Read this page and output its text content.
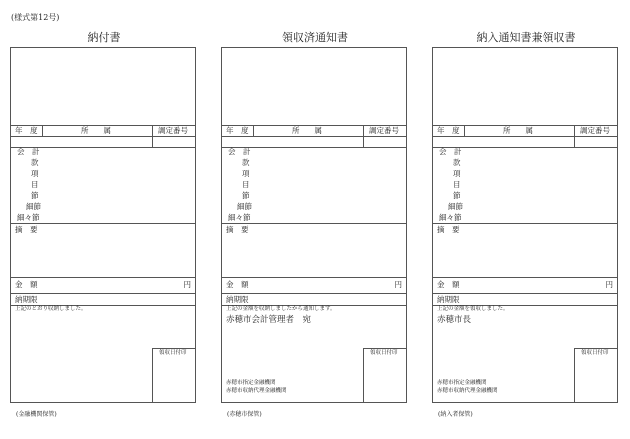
(様式第12号)
納付書
年　度	所　　属	調定番号
会　計
款
項
目
節
細節
細々節
摘　要
金　額	円
納期限
上記のとおり収納しました。
領収日付印
(金融機関保管)
領収済通知書
年　度	所　　属	調定番号
会　計
款
項
目
節
細節
細々節
摘　要
金　額	円
納期限
上記の金額を収納しましたから通知します。
赤穂市会計管理者　宛
領収日付印
赤穂市指定金融機関
赤穂市収納代理金融機関
(赤穂市保管)
納入通知書兼領収書
年　度	所　　属	調定番号
会　計
款
項
目
節
細節
細々節
摘　要
金　額	円
納期限
上記の金額を領収しました。
赤穂市長
領収日付印
赤穂市指定金融機関
赤穂市収納代理金融機関
(納入者保管)
